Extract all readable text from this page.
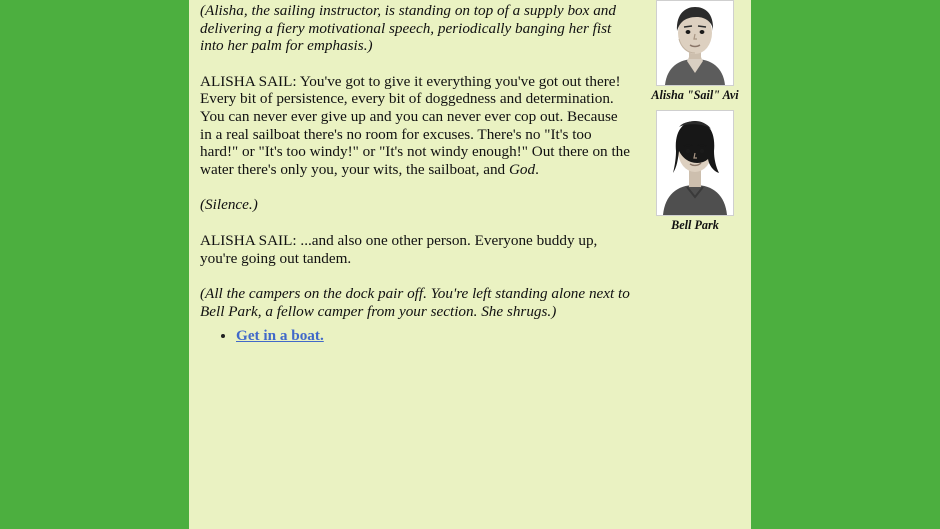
(Alisha, the sailing instructor, is standing on top of a supply box and delivering a fiery motivational speech, periodically banging her fist into her palm for emphasis.)

ALISHA SAIL: You've got to give it everything you've got out there! Every bit of persistence, every bit of doggedness and determination. You can never ever give up and you can never ever cop out. Because in a real sailboat there's no room for excuses. There's no "It's too hard!" or "It's too windy!" or "It's not windy enough!" Out there on the water there's only you, your wits, the sailboat, and God.

(Silence.)

ALISHA SAIL: ...and also one other person. Everyone buddy up, you're going out tandem.

(All the campers on the dock pair off. You're left standing alone next to Bell Park, a fellow camper from your section. She shrugs.)

• Get in a boat.
Alisha "Sail" Avi
Bell Park
